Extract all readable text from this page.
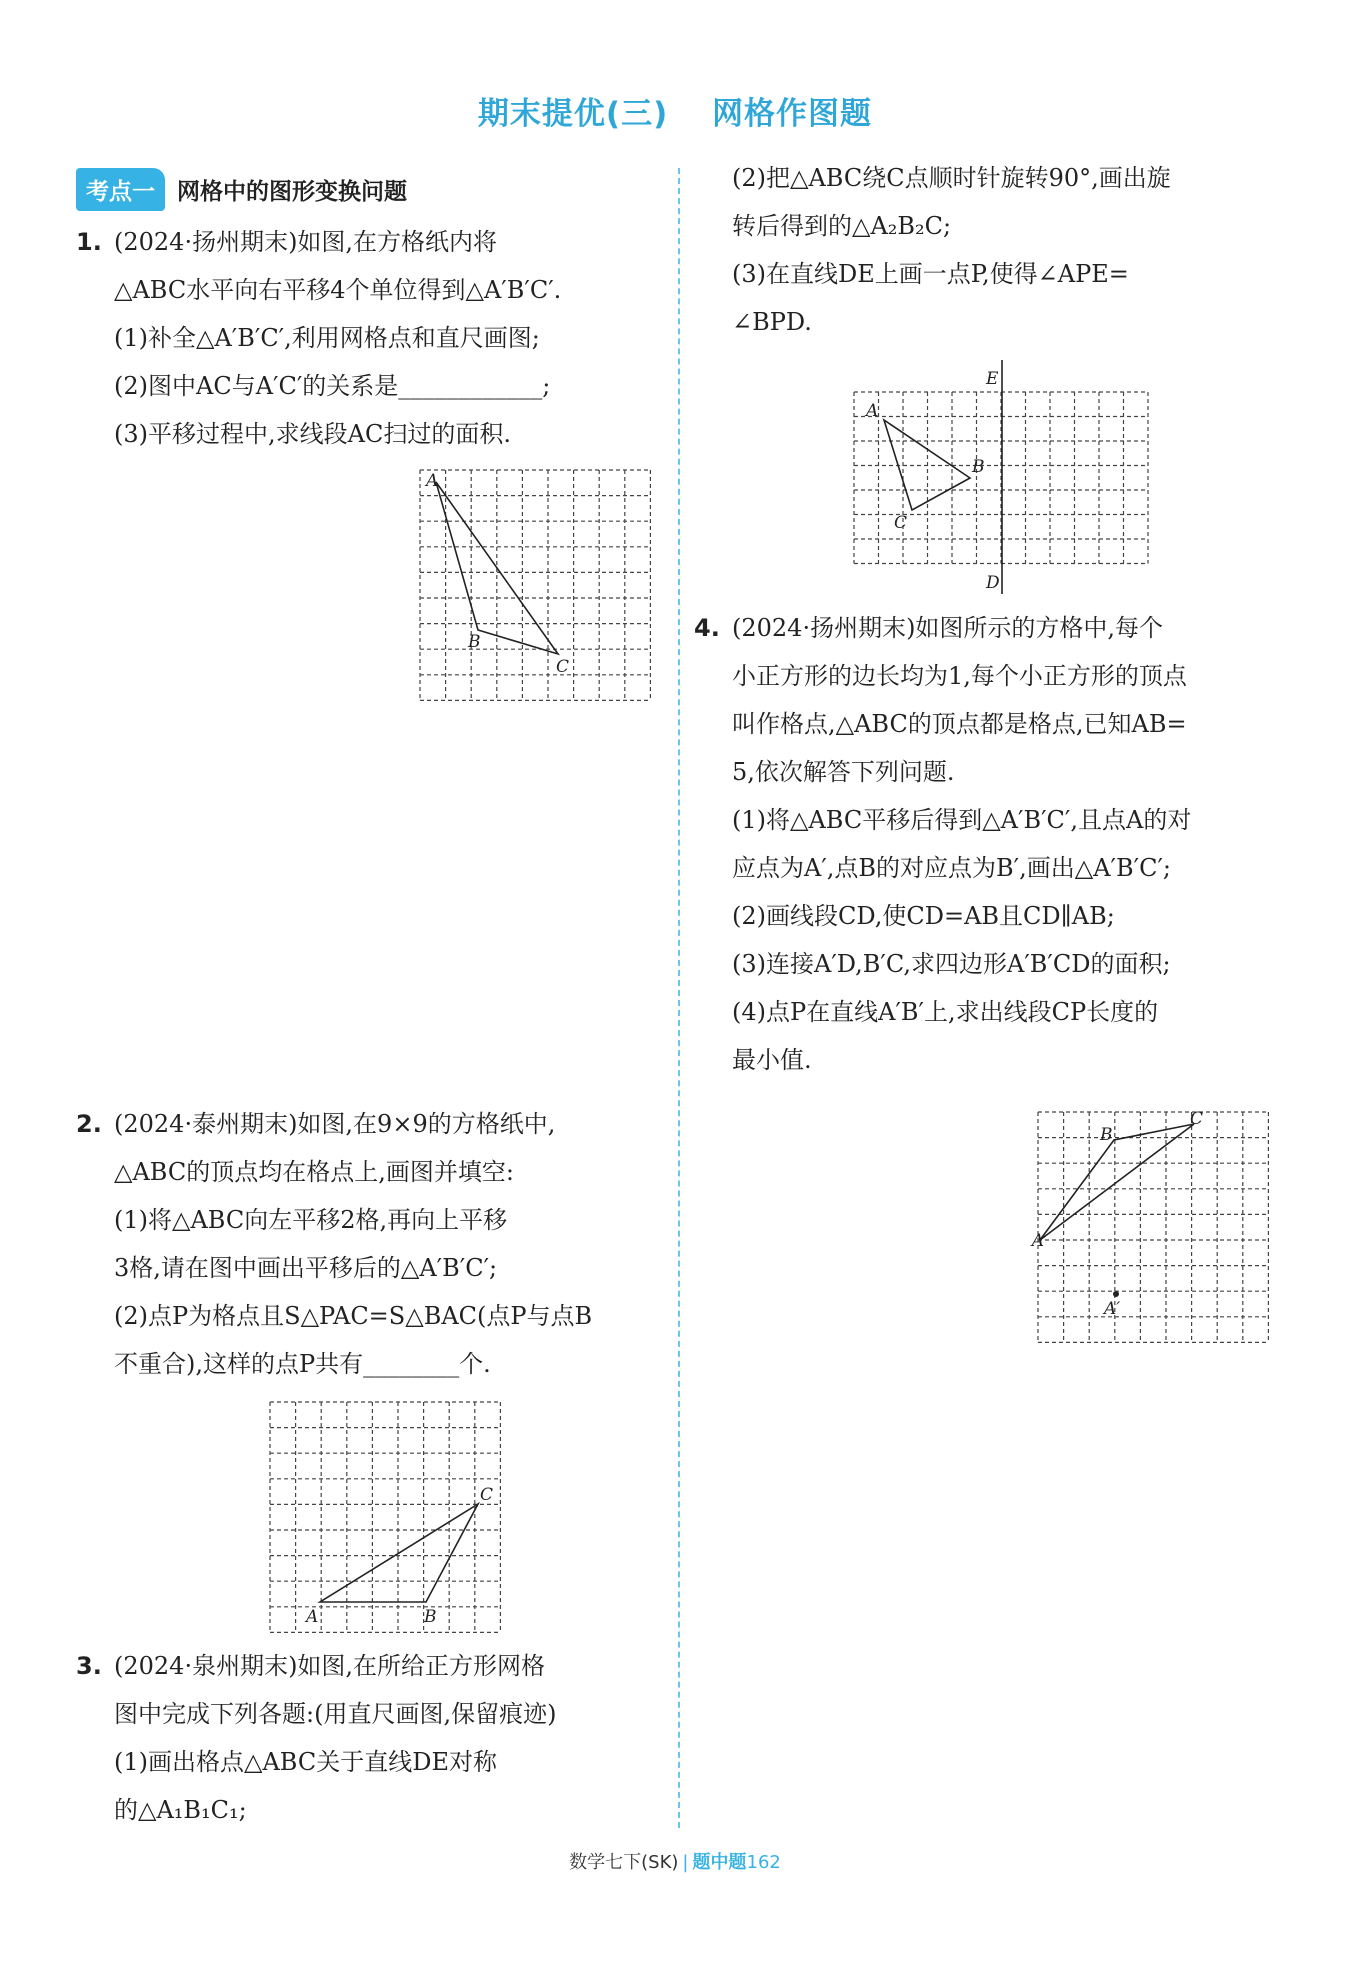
期末提优(三) 网格作图题
考点一 网格中的图形变换问题

1. (2024·扬州期末)如图,在方格纸内将

△ABC水平向右平移4个单位得到△A′B′C′.

(1)补全△A′B′C′,利用网格点和直尺画图;

(2)图中AC与A′C′的关系是____________;

(3)平移过程中,求线段AC扫过的面积.

A
B
C

2. (2024·泰州期末)如图,在9×9的方格纸中,

△ABC的顶点均在格点上,画图并填空:

(1)将△ABC向左平移2格,再向上平移

3格,请在图中画出平移后的△A′B′C′;

(2)点P为格点且S△PAC=S△BAC(点P与点B

不重合),这样的点P共有________个.

A	B
C

3. (2024·泉州期末)如图,在所给正方形网格

图中完成下列各题:(用直尺画图,保留痕迹)

(1)画出格点△ABC关于直线DE对称

的△A₁B₁C₁;

(2)把△ABC绕C点顺时针旋转90°,画出旋

转后得到的△A₂B₂C;

(3)在直线DE上画一点P,使得∠APE=

∠BPD.

E
D
A
B
C

4. (2024·扬州期末)如图所示的方格中,每个

小正方形的边长均为1,每个小正方形的顶点

叫作格点,△ABC的顶点都是格点,已知AB=

5,依次解答下列问题.

(1)将△ABC平移后得到△A′B′C′,且点A的对

应点为A′,点B的对应点为B′,画出△A′B′C′;

(2)画线段CD,使CD=AB且CD∥AB;

(3)连接A′D,B′C,求四边形A′B′CD的面积;

(4)点P在直线A′B′上,求出线段CP长度的

最小值.

A
B
C
A′
数学七下(SK) | 题中题162
